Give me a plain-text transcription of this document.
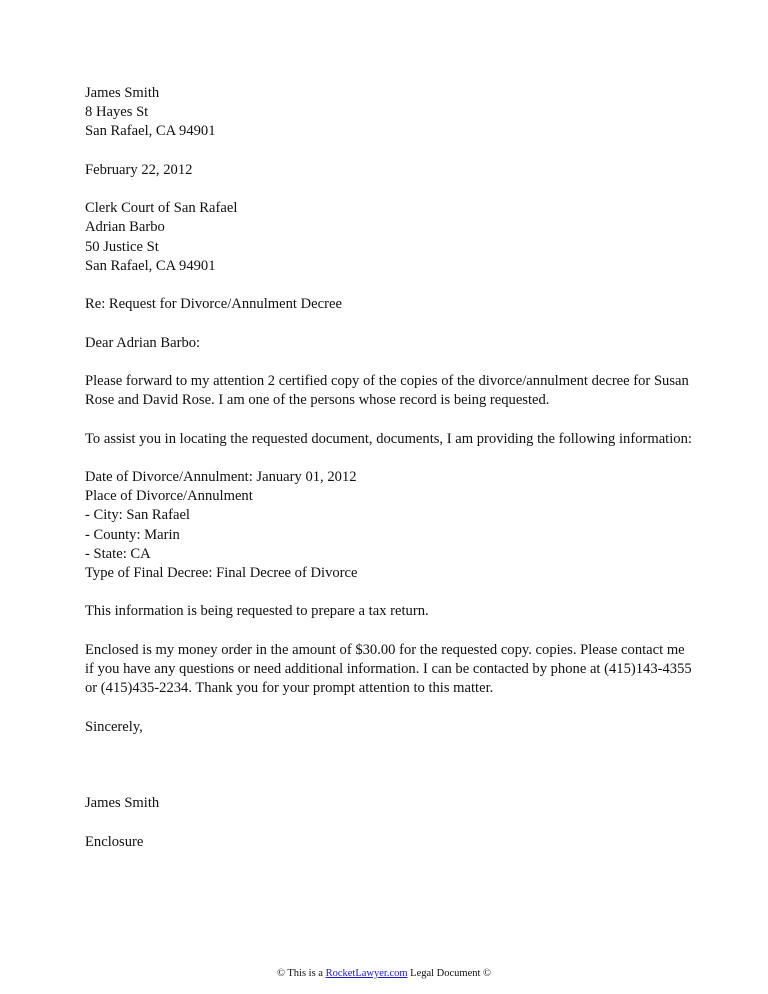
James Smith

8 Hayes St

San Rafael, CA 94901

February 22, 2012

Clerk Court of San Rafael

Adrian Barbo

50 Justice St

San Rafael, CA 94901

Re: Request for Divorce/Annulment Decree

Dear Adrian Barbo:

Please forward to my attention 2 certified copy of the copies of the divorce/annulment decree for Susan Rose and David Rose. I am one of the persons whose record is being requested.

To assist you in locating the requested document, documents, I am providing the following information:

Date of Divorce/Annulment: January 01, 2012

Place of Divorce/Annulment

- City: San Rafael

- County: Marin

- State: CA

Type of Final Decree: Final Decree of Divorce

This information is being requested to prepare a tax return.

Enclosed is my money order in the amount of $30.00 for the requested copy. copies. Please contact me if you have any questions or need additional information. I can be contacted by phone at (415)143-4355 or (415)435-2234. Thank you for your prompt attention to this matter.

Sincerely,

James Smith

Enclosure

© This is a RocketLawyer.com Legal Document ©
